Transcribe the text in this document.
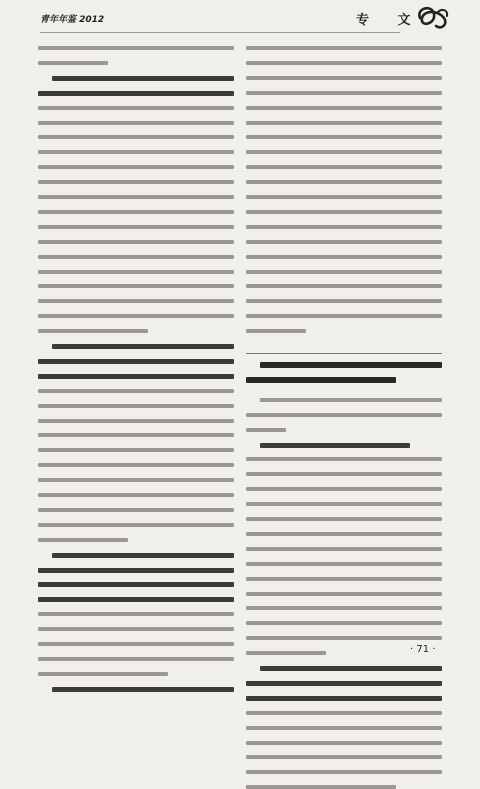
青年年鉴 2012	专 文
· 71 ·
